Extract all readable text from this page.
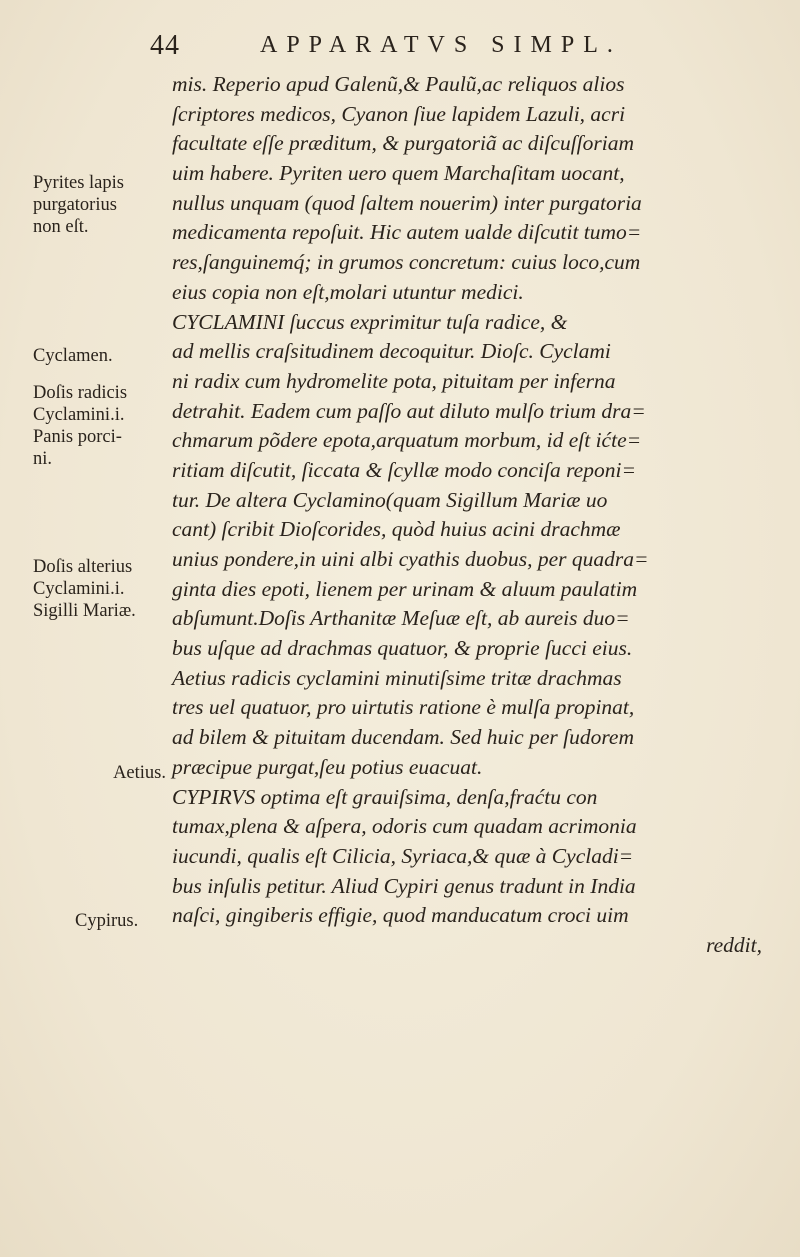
44	APPARATVS SIMPL.
mis. Reperio apud Galenũ,& Paulũ,ac reliquos alios
ſcriptores medicos, Cyanon ſiue lapidem Lazuli, acri
facultate eſſe præditum, & purgatoriã ac diſcuſſoriam
uim habere. Pyriten uero quem Marchaſitam uocant,
nullus unquam (quod ſaltem nouerim) inter purgatoria
medicamenta repoſuit. Hic autem ualde diſcutit tumo=
res,ſanguinemq́; in grumos concretum: cuius loco,cum
eius copia non eſt,molari utuntur medici.
CYCLAMINI ſuccus exprimitur tuſa radice, &
ad mellis craſsitudinem decoquitur. Dioſc. Cyclami
ni radix cum hydromelite pota, pituitam per inferna
detrahit. Eadem cum paſſo aut diluto mulſo trium dra=
chmarum põdere epota,arquatum morbum, id eſt ićte=
ritiam diſcutit, ſiccata & ſcyllæ modo conciſa reponi=
tur. De altera Cyclamino(quam Sigillum Mariæ uo
cant) ſcribit Dioſcorides, quòd huius acini drachmæ
unius pondere,in uini albi cyathis duobus, per quadra=
ginta dies epoti, lienem per urinam & aluum paulatim
abſumunt.Doſis Arthanitæ Meſuæ eſt, ab aureis duo=
bus uſque ad drachmas quatuor, & proprie ſucci eius.
Aetius radicis cyclamini minutiſsime tritæ drachmas
tres uel quatuor, pro uirtutis ratione è mulſa propinat,
ad bilem & pituitam ducendam. Sed huic per ſudorem
præcipue purgat,ſeu potius euacuat.
CYPIRVS optima eſt grauiſsima, denſa,fraćtu con
tumax,plena & aſpera, odoris cum quadam acrimonia
iucundi, qualis eſt Cilicia, Syriaca,& quæ à Cycladi=
bus inſulis petitur. Aliud Cypiri genus tradunt in India
naſci, gingiberis effigie, quod manducatum croci uim
reddit,
Pyrites lapis
purgatorius
non eſt.
Cyclamen.
Doſis radicis
Cyclamini.i.
Panis porci-
ni.
Doſis alterius
Cyclamini.i.
Sigilli Mariæ.
Aetius.
Cypirus.
